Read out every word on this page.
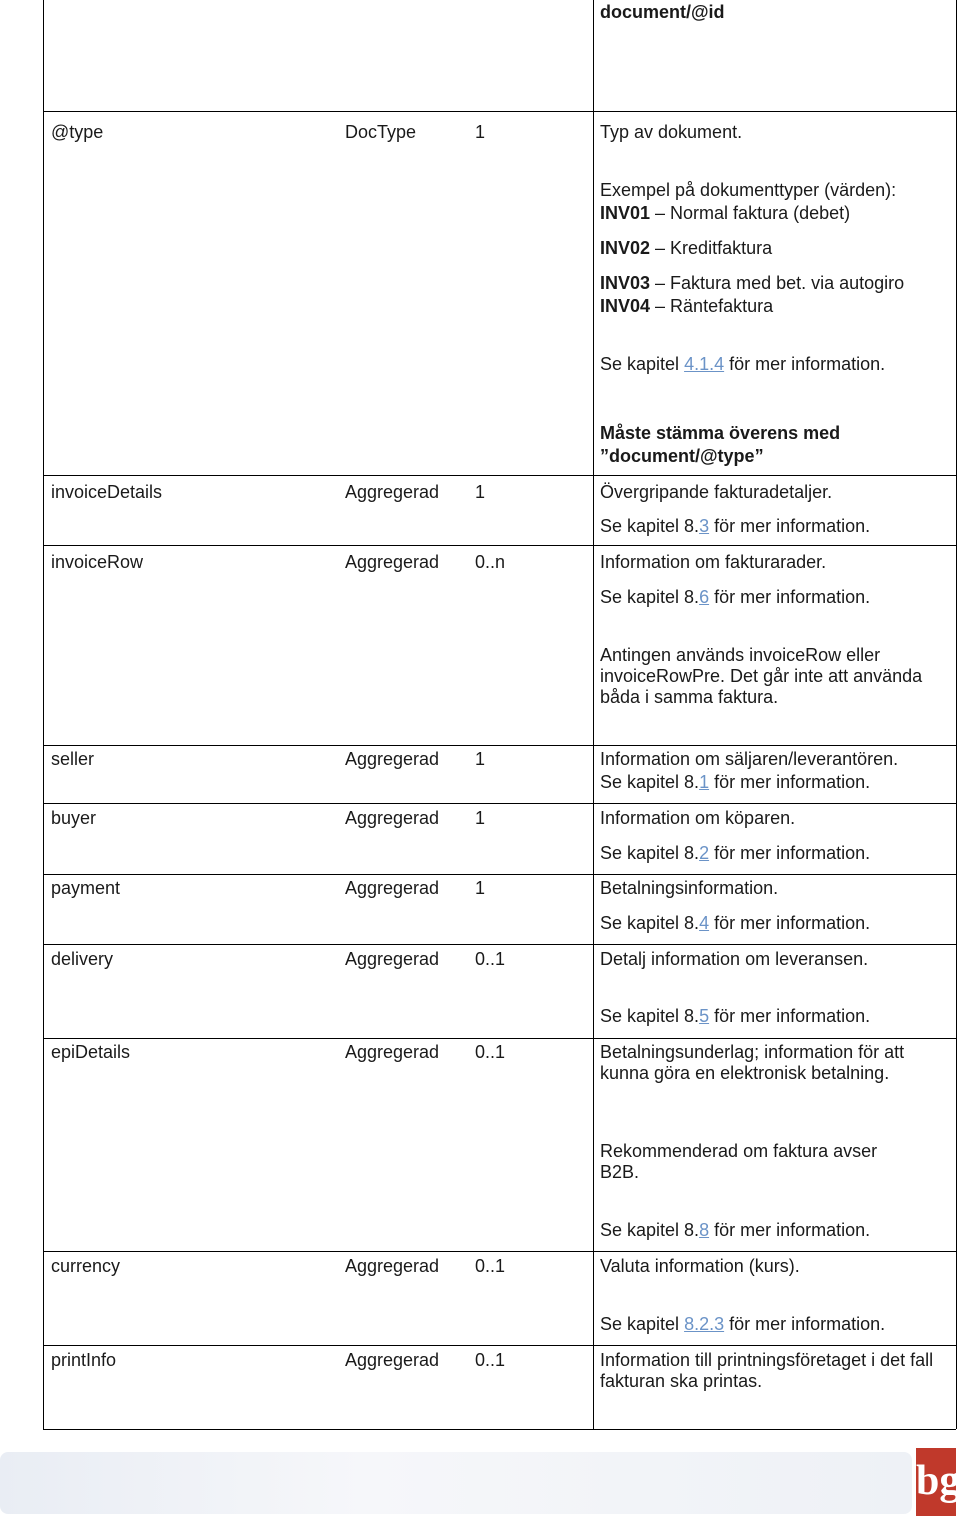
document/@id
@type	DocType	1	Typ av dokument.
Exempel på dokumenttyper (värden):
INV01 – Normal faktura (debet)
INV02 – Kreditfaktura
INV03 – Faktura med bet. via autogiro
INV04 – Räntefaktura
Se kapitel 4.1.4 för mer information.
Måste stämma överens med
”document/@type”
invoiceDetails	Aggregerad 1	Övergripande fakturadetaljer.
Se kapitel 8.3 för mer information.
invoiceRow	Aggregerad 0..n	Information om fakturarader.
Se kapitel 8.6 för mer information.
Antingen används invoiceRow eller invoiceRowPre. Det går inte att använda båda i samma faktura.
seller	Aggregerad 1	Information om säljaren/leverantören.
Se kapitel 8.1 för mer information.
buyer	Aggregerad 1	Information om köparen.
Se kapitel 8.2 för mer information.
payment	Aggregerad 1	Betalningsinformation.
Se kapitel 8.4 för mer information.
delivery	Aggregerad 0..1	Detalj information om leveransen.
Se kapitel 8.5 för mer information.
epiDetails	Aggregerad 0..1	Betalningsunderlag; information för att kunna göra en elektronisk betalning.
Rekommenderad om faktura avser B2B.
Se kapitel 8.8 för mer information.
currency	Aggregerad 0..1	Valuta information (kurs).
Se kapitel 8.2.3 för mer information.
printInfo	Aggregerad 0..1	Information till printningsföretaget i det fall fakturan ska printas.
bg
